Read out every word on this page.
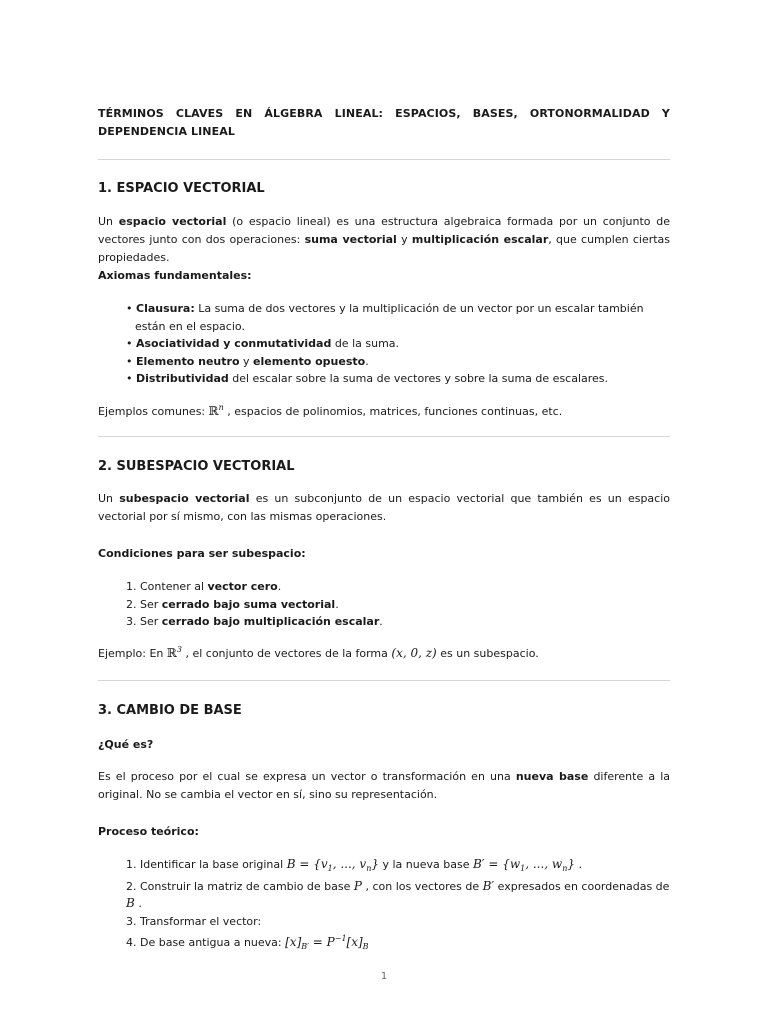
TÉRMINOS CLAVES EN ÁLGEBRA LINEAL: ESPACIOS, BASES, ORTONORMALIDAD Y DEPENDENCIA LINEAL
1. ESPACIO VECTORIAL

Un espacio vectorial (o espacio lineal) es una estructura algebraica formada por un conjunto de vectores junto con dos operaciones: suma vectorial y multiplicación escalar, que cumplen ciertas propiedades.

Axiomas fundamentales:
• Clausura: La suma de dos vectores y la multiplicación de un vector por un escalar también están en el espacio.
• Asociatividad y conmutatividad de la suma.
• Elemento neutro y elemento opuesto.
• Distributividad del escalar sobre la suma de vectores y sobre la suma de escalares.

Ejemplos comunes: ℝ$^n$ , espacios de polinomios, matrices, funciones continuas, etc.

2. SUBESPACIO VECTORIAL

Un subespacio vectorial es un subconjunto de un espacio vectorial que también es un espacio vectorial por sí mismo, con las mismas operaciones.

Condiciones para ser subespacio:
1. Contener al vector cero.
2. Ser cerrado bajo suma vectorial.
3. Ser cerrado bajo multiplicación escalar.

Ejemplo: En ℝ$^3$ , el conjunto de vectores de la forma (x, 0, z) es un subespacio.

3. CAMBIO DE BASE
¿Qué es?

Es el proceso por el cual se expresa un vector o transformación en una nueva base diferente a la original. No se cambia el vector en sí, sino su representación.

Proceso teórico:
1. Identificar la base original $B = \{v_1$, ..., $v_n$} y la nueva base $B' = \{w_1$, ..., $w_n$} .
2. Construir la matriz de cambio de base P , con los vectores de B′ expresados en coordenadas de B .
3. Transformar el vector:
4. De base antigua a nueva: $[x]_{B'} = P^{-1}[x]_B$
1
